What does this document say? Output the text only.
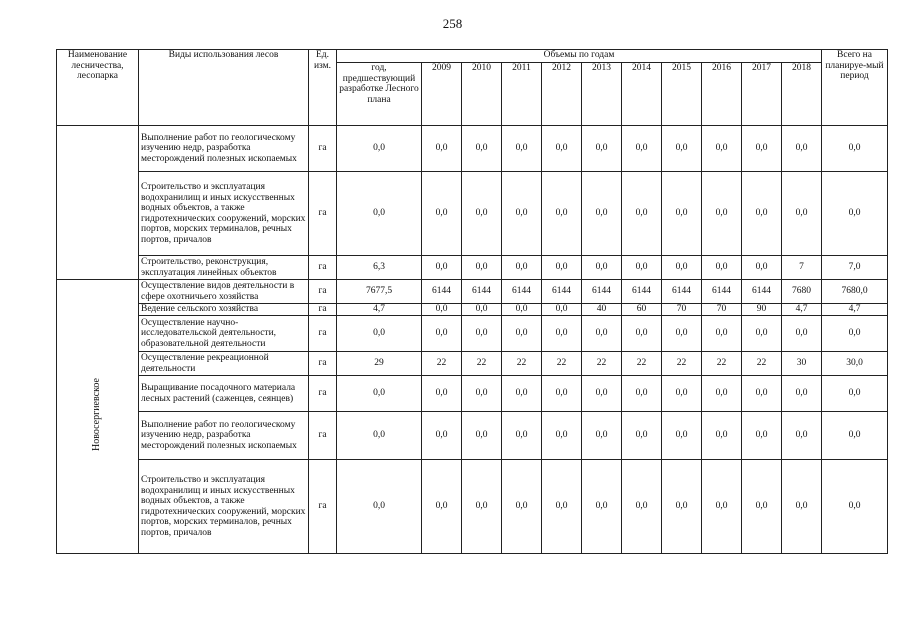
258
Наименование лесничества, лесопарка	Виды использования лесов	Ед. изм.	Объемы по годам											Всего на планируе-мый период
			год, предшествующий разработке Лесного плана	2009	2010	2011	2012	2013	2014	2015	2016	2017	2018	
	Выполнение работ по геологическому изучению недр, разработка месторождений полезных ископаемых	га	0,0	0,0	0,0	0,0	0,0	0,0	0,0	0,0	0,0	0,0	0,0	0,0
	Строительство и эксплуатация водохранилищ и иных искусственных водных объектов, а также гидротехнических сооружений, морских портов, морских терминалов, речных портов, причалов	га	0,0	0,0	0,0	0,0	0,0	0,0	0,0	0,0	0,0	0,0	0,0	0,0
	Строительство, реконструкция, эксплуатация линейных объектов	га	6,3	0,0	0,0	0,0	0,0	0,0	0,0	0,0	0,0	0,0	7	7,0
Новосергиевское	Осуществление видов деятельности в сфере охотничьего хозяйства	га	7677,5	6144	6144	6144	6144	6144	6144	6144	6144	6144	7680	7680,0
	Ведение сельского хозяйства	га	4,7	0,0	0,0	0,0	0,0	40	60	70	70	90	4,7	4,7
	Осуществление научно-исследовательской деятельности, образовательной деятельности	га	0,0	0,0	0,0	0,0	0,0	0,0	0,0	0,0	0,0	0,0	0,0	0,0
	Осуществление рекреационной деятельности	га	29	22	22	22	22	22	22	22	22	22	30	30,0
	Выращивание посадочного материала лесных растений (саженцев, сеянцев)	га	0,0	0,0	0,0	0,0	0,0	0,0	0,0	0,0	0,0	0,0	0,0	0,0
	Выполнение работ по геологическому изучению недр, разработка месторождений полезных ископаемых	га	0,0	0,0	0,0	0,0	0,0	0,0	0,0	0,0	0,0	0,0	0,0	0,0
	Строительство и эксплуатация водохранилищ и иных искусственных водных объектов, а также гидротехнических сооружений, морских портов, морских терминалов, речных портов, причалов	га	0,0	0,0	0,0	0,0	0,0	0,0	0,0	0,0	0,0	0,0	0,0	0,0
